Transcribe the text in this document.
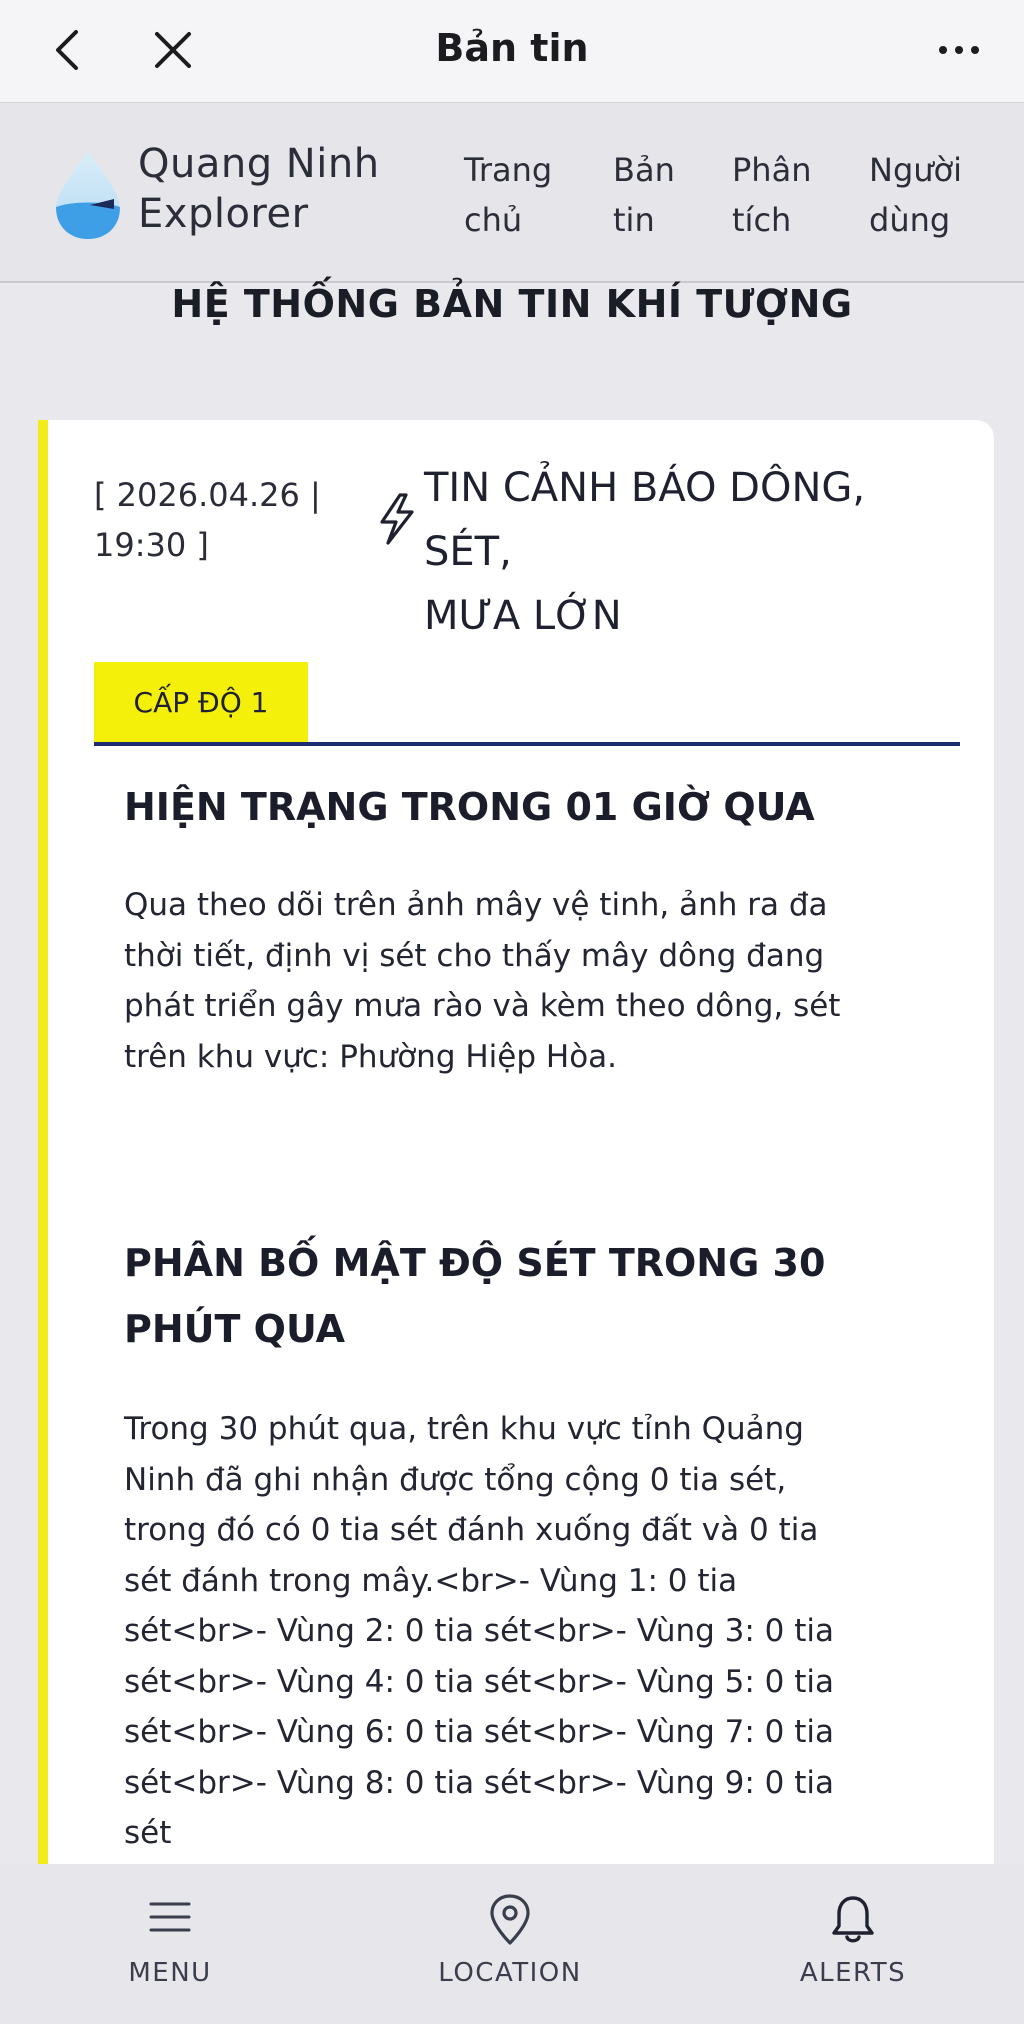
Bản tin
Quang Ninh
Explorer
Trang
chủ
Bản
tin
Phân
tích
Người
dùng
HỆ THỐNG BẢN TIN KHÍ TƯỢNG
[ 2026.04.26 |
19:30 ]
TIN CẢNH BÁO DÔNG, SÉT,
MƯA LỚN
CẤP ĐỘ 1
HIỆN TRẠNG TRONG 01 GIỜ QUA
Qua theo dõi trên ảnh mây vệ tinh, ảnh ra đa
thời tiết, định vị sét cho thấy mây dông đang
phát triển gây mưa rào và kèm theo dông, sét
trên khu vực: Phường Hiệp Hòa.
PHÂN BỐ MẬT ĐỘ SÉT TRONG 30
PHÚT QUA
Trong 30 phút qua, trên khu vực tỉnh Quảng
Ninh đã ghi nhận được tổng cộng 0 tia sét,
trong đó có 0 tia sét đánh xuống đất và 0 tia
sét đánh trong mây.<br>- Vùng 1: 0 tia
sét<br>- Vùng 2: 0 tia sét<br>- Vùng 3: 0 tia
sét<br>- Vùng 4: 0 tia sét<br>- Vùng 5: 0 tia
sét<br>- Vùng 6: 0 tia sét<br>- Vùng 7: 0 tia
sét<br>- Vùng 8: 0 tia sét<br>- Vùng 9: 0 tia
sét
MENU	LOCATION	ALERTS
